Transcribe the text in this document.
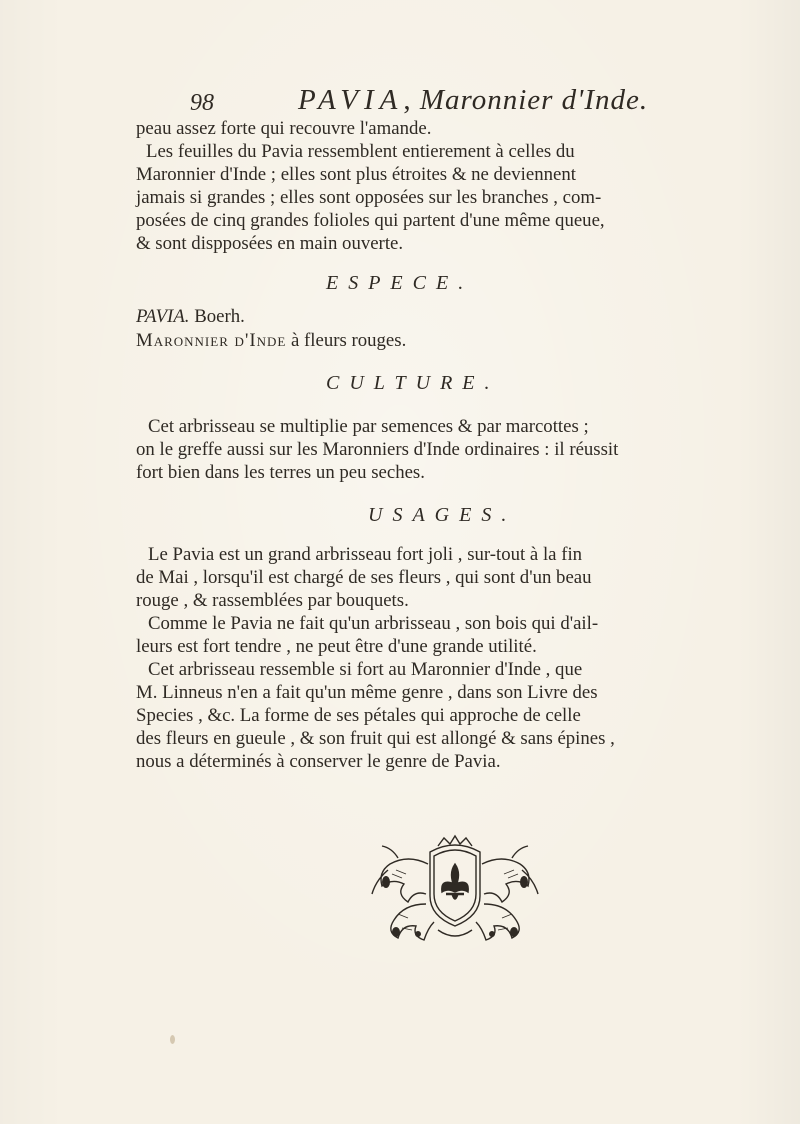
98	PAVIA, Maronnier d'Inde.
peau assez forte qui recouvre l'amande.
Les feuilles du Pavia ressemblent entierement à celles du
Maronnier d'Inde ; elles sont plus étroites & ne deviennent
jamais si grandes ; elles sont opposées sur les branches , com-
posées de cinq grandes folioles qui partent d'une même queue,
& sont dispposées en main ouverte.
ESPECE.
PAVIA. Boerh.
Maronnier d'Inde à fleurs rouges.
CULTURE.
Cet arbrisseau se multiplie par semences & par marcottes ;
on le greffe aussi sur les Maronniers d'Inde ordinaires : il réussit
fort bien dans les terres un peu seches.
USAGES.
Le Pavia est un grand arbrisseau fort joli , sur-tout à la fin
de Mai , lorsqu'il est chargé de ses fleurs , qui sont d'un beau
rouge , & rassemblées par bouquets.
Comme le Pavia ne fait qu'un arbrisseau , son bois qui d'ail-
leurs est fort tendre , ne peut être d'une grande utilité.
Cet arbrisseau ressemble si fort au Maronnier d'Inde , que
M. Linneus n'en a fait qu'un même genre , dans son Livre des
Species , &c. La forme de ses pétales qui approche de celle
des fleurs en gueule , & son fruit qui est allongé & sans épines ,
nous a déterminés à conserver le genre de Pavia.
